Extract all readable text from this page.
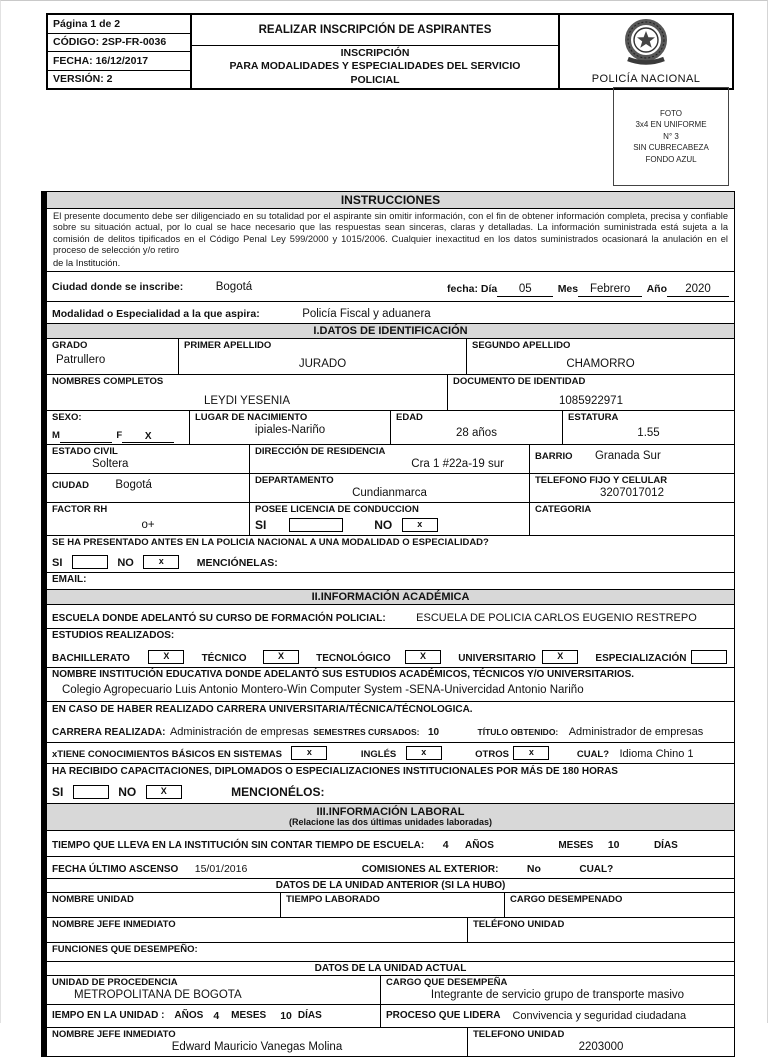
Página 1 de 2
CÓDIGO: 2SP-FR-0036
FECHA: 16/12/2017
VERSIÓN: 2
REALIZAR INSCRIPCIÓN DE ASPIRANTES
INSCRIPCIÓN
PARA MODALIDADES Y ESPECIALIDADES DEL SERVICIO
POLICIAL	POLICÍA NACIONAL
FOTO
3x4 EN UNIFORME
N° 3
SIN CUBRECABEZA
FONDO AZUL
INSTRUCCIONES
El presente documento debe ser diligenciado en su totalidad por el aspirante sin omitir información, con el fin de obtener información completa, precisa y confiable sobre su situación actual, por lo cual se hace necesario que las respuestas sean sinceras, claras y detalladas. La información suministrada está sujeta a la comisión de delitos tipificados en el Código Penal Ley 599/2000 y 1015/2006. Cualquier inexactitud en los datos suministrados ocasionará la anulación en el proceso de selección y/o retiro
de la Institución.
Ciudad donde se inscribe:	Bogotá	fecha: Día 05 Mes Febrero Año 2020
Modalidad o Especialidad a la que aspira:	Policía Fiscal y aduanera
I.DATOS DE IDENTIFICACIÓN
GRADO
Patrullero
PRIMER APELLIDO
JURADO
SEGUNDO APELLIDO
CHAMORRO
NOMBRES COMPLETOS
LEYDI YESENIA
DOCUMENTO DE IDENTIDAD
1085922971
SEXO:
M	F X
LUGAR DE NACIMIENTO
ipiales-Nariño
EDAD
28 años
ESTATURA
1.55
ESTADO CIVIL
Soltera
DIRECCIÓN DE RESIDENCIA
Cra 1 #22a-19 sur
BARRIO Granada Sur
CIUDAD Bogotá	DEPARTAMENTO
Cundianmarca
TELEFONO FIJO Y CELULAR
3207017012
FACTOR RH
o+
POSEE LICENCIA DE CONDUCCION
SI	NO	x
CATEGORIA
SE HA PRESENTADO ANTES EN LA POLICIA NACIONAL A UNA MODALIDAD O ESPECIALIDAD?
SI	NO	x	MENCIÓNELAS:
EMAIL:
II.INFORMACIÓN ACADÉMICA
ESCUELA DONDE ADELANTÓ SU CURSO DE FORMACIÓN POLICIAL:	ESCUELA DE POLICIA CARLOS EUGENIO RESTREPO
ESTUDIOS REALIZADOS:
BACHILLERATO	X	TÉCNICO	X	TECNOLÓGICO	X	UNIVERSITARIO X	ESPECIALIZACIÓN
NOMBRE INSTITUCIÓN EDUCATIVA DONDE ADELANTÓ SUS ESTUDIOS ACADÉMICOS, TÉCNICOS Y/O UNIVERSITARIOS.
Colegio Agropecuario Luis Antonio Montero-Win Computer System -SENA-Univercidad Antonio Nariño
EN CASO DE HABER REALIZADO CARRERA UNIVERSITARIA/TÉCNICA/TÉCNOLOGICA.
CARRERA REALIZADA: Administración de empresas SEMESTRES CURSADOS: 10	TÍTULO OBTENIDO: Administrador de empresas
xTIENE CONOCIMIENTOS BÁSICOS EN SISTEMAS	x	INGLÉS	x	OTROS x	CUAL? Idioma Chino 1
HA RECIBIDO CAPACITACIONES, DIPLOMADOS O ESPECIALIZACIONES INSTITUCIONALES POR MÁS DE 180 HORAS
SI	NO	X	MENCIONÉLOS:
III.INFORMACIÓN LABORAL
(Relacione las dos últimas unidades laboradas)
TIEMPO QUE LLEVA EN LA INSTITUCIÓN SIN CONTAR TIEMPO DE ESCUELA: 4 AÑOS	MESES 10	DÍAS
FECHA ÚLTIMO ASCENSO 15/01/2016	COMISIONES AL EXTERIOR:	No	CUAL?
DATOS DE LA UNIDAD ANTERIOR (SI LA HUBO)
NOMBRE UNIDAD	TIEMPO LABORADO	CARGO DESEMPENADO
NOMBRE JEFE INMEDIATO	TELÉFONO UNIDAD
FUNCIONES QUE DESEMPEÑO:
DATOS DE LA UNIDAD ACTUAL
UNIDAD DE PROCEDENCIA
METROPOLITANA DE BOGOTA
CARGO QUE DESEMPEÑA
Integrante de servicio grupo de transporte masivo
IEMPO EN LA UNIDAD : AÑOS 4 MESES 10 DÍAS	PROCESO QUE LIDERA Convivencia y seguridad ciudadana
NOMBRE JEFE INMEDIATO
Edward Mauricio Vanegas Molina
TELEFONO UNIDAD
2203000
